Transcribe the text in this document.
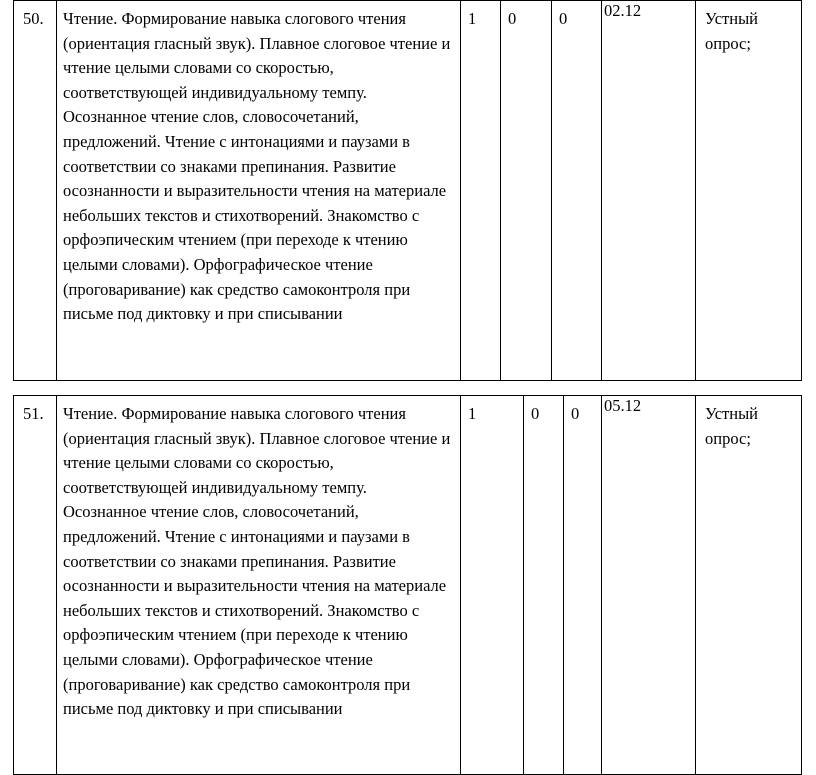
50.	Чтение. Формирование навыка слогового чтения (ориентация гласный звук). Плавное слоговое чтение и чтение целыми словами со скоростью, соответствующей индивидуальному темпу. Осознанное чтение слов, словосочетаний, предложений. Чтение с интонациями и паузами в соответствии со знаками препинания. Развитие осознанности и выразительности чтения на материале небольших текстов и стихотворений. Знакомство с орфоэпическим чтением (при переходе к чтению целыми словами). Орфографическое чтение (проговаривание) как средство самоконтроля при письме под диктовку и при списывании	1	0	0	02.12	Устный опрос;
51.	Чтение. Формирование навыка слогового чтения (ориентация гласный звук). Плавное слоговое чтение и чтение целыми словами со скоростью, соответствующей индивидуальному темпу. Осознанное чтение слов, словосочетаний, предложений. Чтение с интонациями и паузами в соответствии со знаками препинания. Развитие осознанности и выразительности чтения на материале небольших текстов и стихотворений. Знакомство с орфоэпическим чтением (при переходе к чтению целыми словами). Орфографическое чтение (проговаривание) как средство самоконтроля при письме под диктовку и при списывании	1	0	0	05.12	Устный опрос;
